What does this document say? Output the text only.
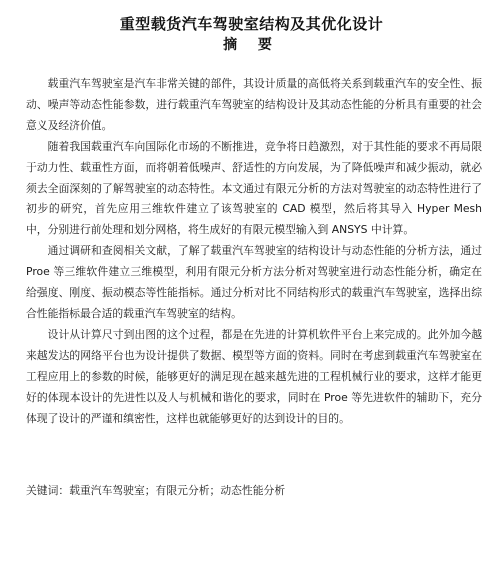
重型载货汽车驾驶室结构及其优化设计
摘 要

载重汽车驾驶室是汽车非常关键的部件，其设计质量的高低将关系到载重汽车的安全性、振动、噪声等动态性能参数，进行载重汽车驾驶室的结构设计及其动态性能的分析具有重要的社会意义及经济价值。

随着我国载重汽车向国际化市场的不断推进，竞争将日趋激烈，对于其性能的要求不再局限于动力性、载重性方面，而将朝着低噪声、舒适性的方向发展，为了降低噪声和减少振动，就必须去全面深刻的了解驾驶室的动态特性。本文通过有限元分析的方法对驾驶室的动态特性进行了初步的研究，首先应用三维软件建立了该驾驶室的 CAD 模型，然后将其导入 Hyper Mesh 中，分别进行前处理和划分网格，将生成好的有限元模型输入到 ANSYS 中计算。

通过调研和查阅相关文献，了解了载重汽车驾驶室的结构设计与动态性能的分析方法，通过 Proe 等三维软件建立三维模型，利用有限元分析方法分析对驾驶室进行动态性能分析，确定在给强度、刚度、振动模态等性能指标。通过分析对比不同结构形式的载重汽车驾驶室，选择出综合性能指标最合适的载重汽车驾驶室的结构。

设计从计算尺寸到出图的这个过程，都是在先进的计算机软件平台上来完成的。此外加今越来越发达的网络平台也为设计提供了数据、模型等方面的资料。同时在考虑到载重汽车驾驶室在工程应用上的参数的时候，能够更好的满足现在越来越先进的工程机械行业的要求，这样才能更好的体现本设计的先进性以及人与机械和谐化的要求，同时在 Proe 等先进软件的辅助下，充分体现了设计的严谨和缜密性，这样也就能够更好的达到设计的目的。

关键词：载重汽车驾驶室；有限元分析；动态性能分析
